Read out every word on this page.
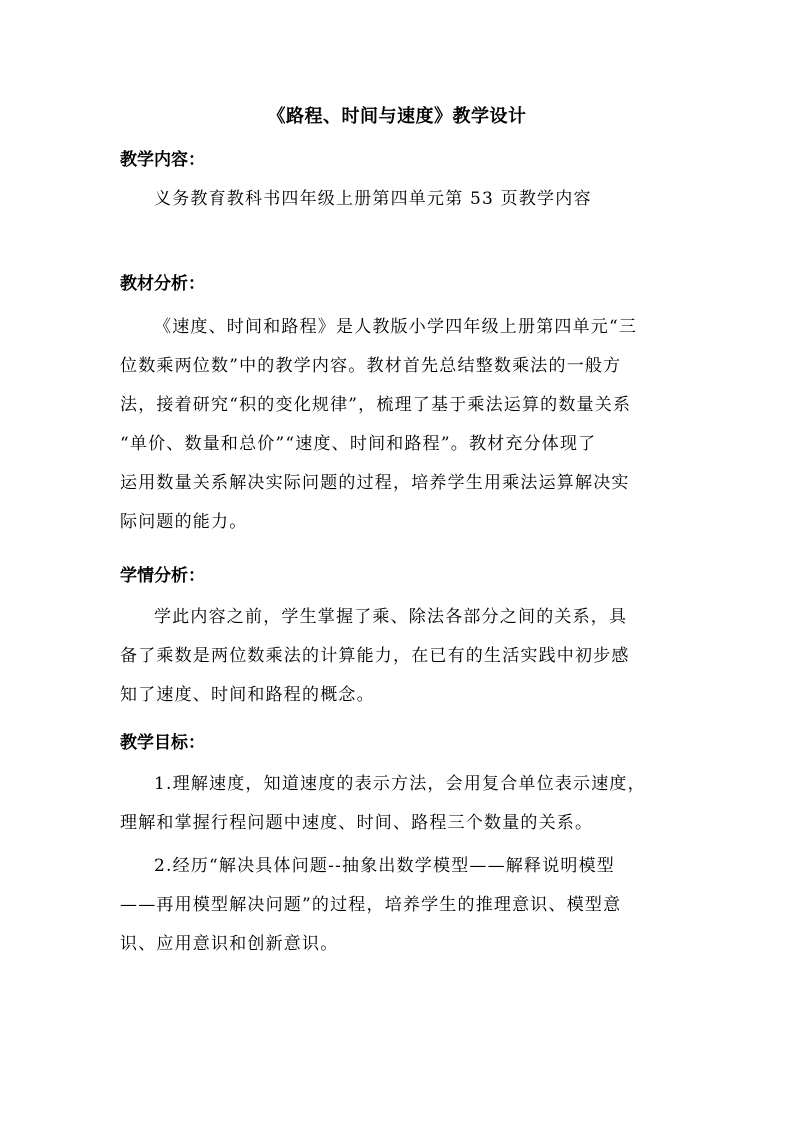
《路程、时间与速度》教学设计
教学内容：
义务教育教科书四年级上册第四单元第 53 页教学内容
教材分析：
《速度、时间和路程》是人教版小学四年级上册第四单元“三
位数乘两位数”中的教学内容。教材首先总结整数乘法的一般方
法，接着研究“积的变化规律”，梳理了基于乘法运算的数量关系
“单价、数量和总价”“速度、时间和路程”。教材充分体现了
运用数量关系解决实际问题的过程，培养学生用乘法运算解决实
际问题的能力。
学情分析：
学此内容之前，学生掌握了乘、除法各部分之间的关系，具
备了乘数是两位数乘法的计算能力，在已有的生活实践中初步感
知了速度、时间和路程的概念。
教学目标：
1.理解速度，知道速度的表示方法，会用复合单位表示速度，
理解和掌握行程问题中速度、时间、路程三个数量的关系。
2.经历“解决具体问题--抽象出数学模型——解释说明模型
——再用模型解决问题”的过程，培养学生的推理意识、模型意
识、应用意识和创新意识。
